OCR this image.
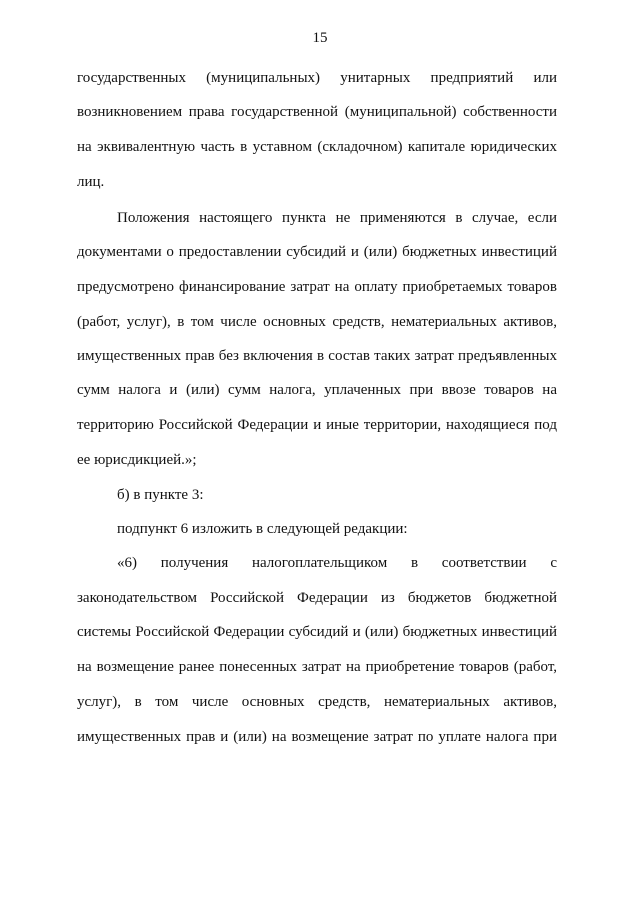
15
государственных (муниципальных) унитарных предприятий или
возникновением права государственной (муниципальной) собственности
на эквивалентную часть в уставном (складочном) капитале юридических
лиц.
Положения настоящего пункта не применяются в случае, если
документами о предоставлении субсидий и (или) бюджетных инвестиций
предусмотрено финансирование затрат на оплату приобретаемых товаров
(работ, услуг), в том числе основных средств, нематериальных активов,
имущественных прав без включения в состав таких затрат предъявленных
сумм налога и (или) сумм налога, уплаченных при ввозе товаров на
территорию Российской Федерации и иные территории, находящиеся под
ее юрисдикцией.»;
б) в пункте 3:
подпункт 6 изложить в следующей редакции:
«6) получения налогоплательщиком в соответствии с
законодательством Российской Федерации из бюджетов бюджетной
системы Российской Федерации субсидий и (или) бюджетных инвестиций
на возмещение ранее понесенных затрат на приобретение товаров (работ,
услуг), в том числе основных средств, нематериальных активов,
имущественных прав и (или) на возмещение затрат по уплате налога при
